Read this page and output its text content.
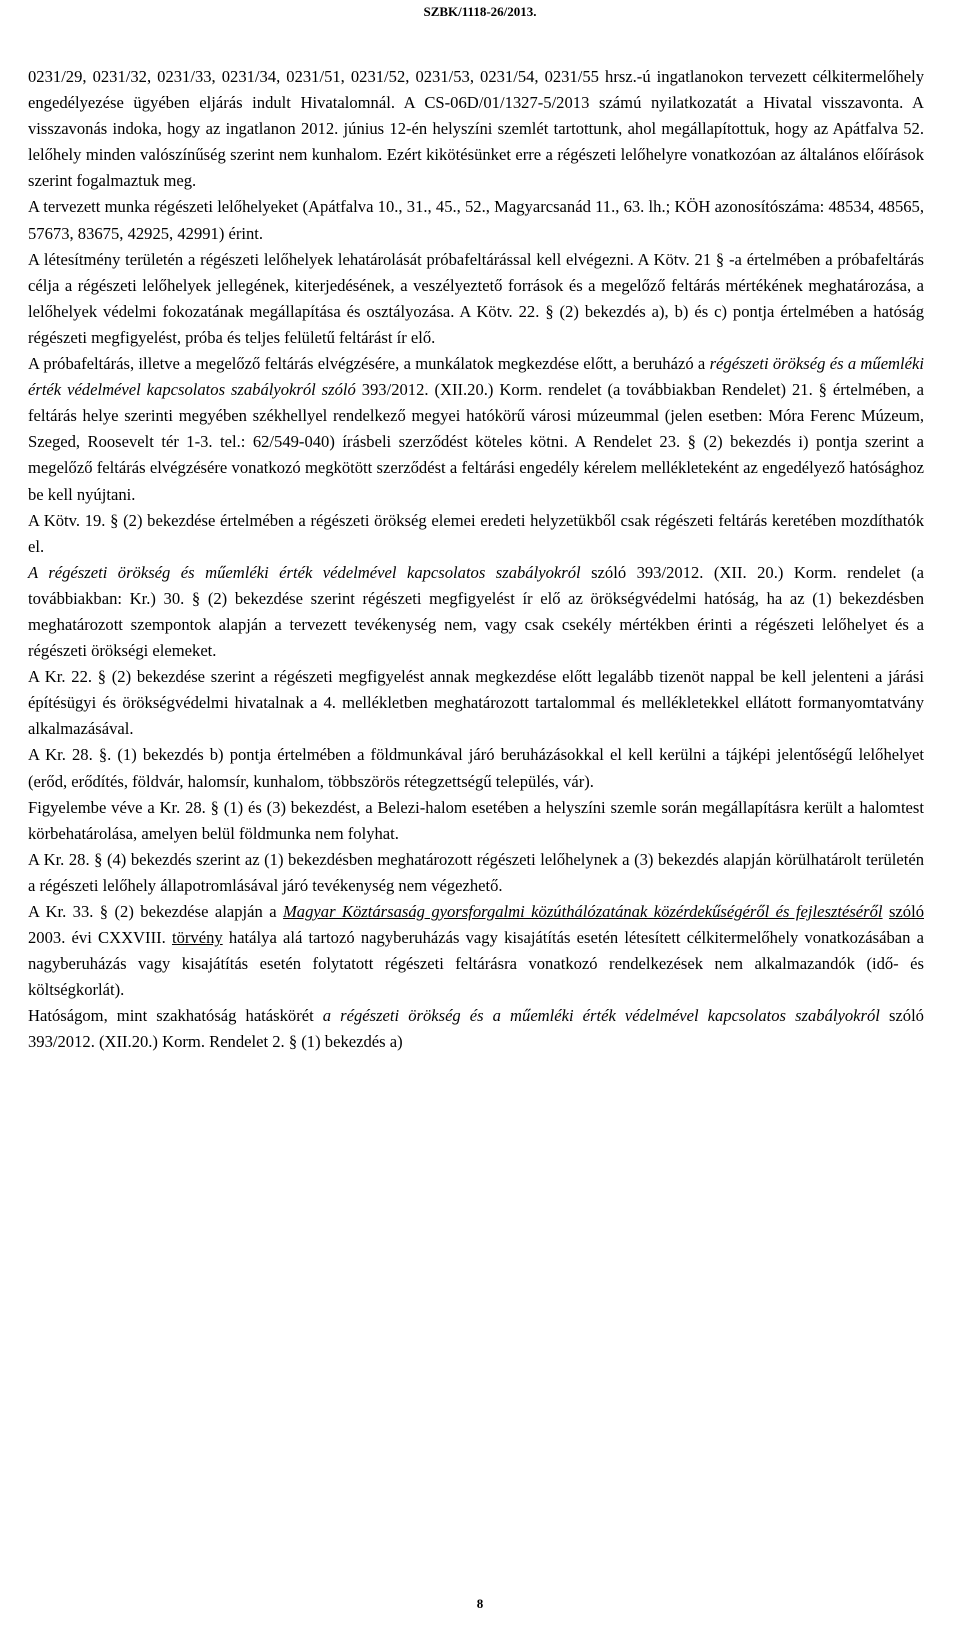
SZBK/1118-26/2013.

0231/29, 0231/32, 0231/33, 0231/34, 0231/51, 0231/52, 0231/53, 0231/54, 0231/55 hrsz.-ú ingatlanokon tervezett célkitermelőhely engedélyezése ügyében eljárás indult Hivatalomnál. A CS-06D/01/1327-5/2013 számú nyilatkozatát a Hivatal visszavonta. A visszavonás indoka, hogy az ingatlanon 2012. június 12-én helyszíni szemlét tartottunk, ahol megállapítottuk, hogy az Apátfalva 52. lelőhely minden valószínűség szerint nem kunhalom. Ezért kikötésünket erre a régészeti lelőhelyre vonatkozóan az általános előírások szerint fogalmaztuk meg.

A tervezett munka régészeti lelőhelyeket (Apátfalva 10., 31., 45., 52., Magyarcsanád 11., 63. lh.; KÖH azonosítószáma: 48534, 48565, 57673, 83675, 42925, 42991) érint.

A létesítmény területén a régészeti lelőhelyek lehatárolását próbafeltárással kell elvégezni. A Kötv. 21 § -a értelmében a próbafeltárás célja a régészeti lelőhelyek jellegének, kiterjedésének, a veszélyeztető források és a megelőző feltárás mértékének meghatározása, a lelőhelyek védelmi fokozatának megállapítása és osztályozása. A Kötv. 22. § (2) bekezdés a), b) és c) pontja értelmében a hatóság régészeti megfigyelést, próba és teljes felületű feltárást ír elő.

A próbafeltárás, illetve a megelőző feltárás elvégzésére, a munkálatok megkezdése előtt, a beruházó a régészeti örökség és a műemléki érték védelmével kapcsolatos szabályokról szóló 393/2012. (XII.20.) Korm. rendelet (a továbbiakban Rendelet) 21. § értelmében, a feltárás helye szerinti megyében székhellyel rendelkező megyei hatókörű városi múzeummal (jelen esetben: Móra Ferenc Múzeum, Szeged, Roosevelt tér 1-3. tel.: 62/549-040) írásbeli szerződést köteles kötni. A Rendelet 23. § (2) bekezdés i) pontja szerint a megelőző feltárás elvégzésére vonatkozó megkötött szerződést a feltárási engedély kérelem mellékleteként az engedélyező hatósághoz be kell nyújtani.

A Kötv. 19. § (2) bekezdése értelmében a régészeti örökség elemei eredeti helyzetükből csak régészeti feltárás keretében mozdíthatók el.

A régészeti örökség és műemléki érték védelmével kapcsolatos szabályokról szóló 393/2012. (XII. 20.) Korm. rendelet (a továbbiakban: Kr.) 30. § (2) bekezdése szerint régészeti megfigyelést ír elő az örökségvédelmi hatóság, ha az (1) bekezdésben meghatározott szempontok alapján a tervezett tevékenység nem, vagy csak csekély mértékben érinti a régészeti lelőhelyet és a régészeti örökségi elemeket.

A Kr. 22. § (2) bekezdése szerint a régészeti megfigyelést annak megkezdése előtt legalább tizenöt nappal be kell jelenteni a járási építésügyi és örökségvédelmi hivatalnak a 4. mellékletben meghatározott tartalommal és mellékletekkel ellátott formanyomtatvány alkalmazásával.

A Kr. 28. §. (1) bekezdés b) pontja értelmében a földmunkával járó beruházásokkal el kell kerülni a tájképi jelentőségű lelőhelyet (erőd, erődítés, földvár, halomsír, kunhalom, többszörös rétegzettségű település, vár).

Figyelembe véve a Kr. 28. § (1) és (3) bekezdést, a Belezi-halom esetében a helyszíni szemle során megállapításra került a halomtest körbehatárolása, amelyen belül földmunka nem folyhat.

A Kr. 28. § (4) bekezdés szerint az (1) bekezdésben meghatározott régészeti lelőhelynek a (3) bekezdés alapján körülhatárolt területén a régészeti lelőhely állapotromlásával járó tevékenység nem végezhető.

A Kr. 33. § (2) bekezdése alapján a Magyar Köztársaság gyorsforgalmi közúthálózatának közérdekűségéről és fejlesztéséről szóló 2003. évi CXXVIII. törvény hatálya alá tartozó nagyberuházás vagy kisajátítás esetén létesített célkitermelőhely vonatkozásában a nagyberuházás vagy kisajátítás esetén folytatott régészeti feltárásra vonatkozó rendelkezések nem alkalmazandók (idő- és költségkorlát).

Hatóságom, mint szakhatóság hatáskörét a régészeti örökség és a műemléki érték védelmével kapcsolatos szabályokról szóló 393/2012. (XII.20.) Korm. Rendelet 2. § (1) bekezdés a)

8
